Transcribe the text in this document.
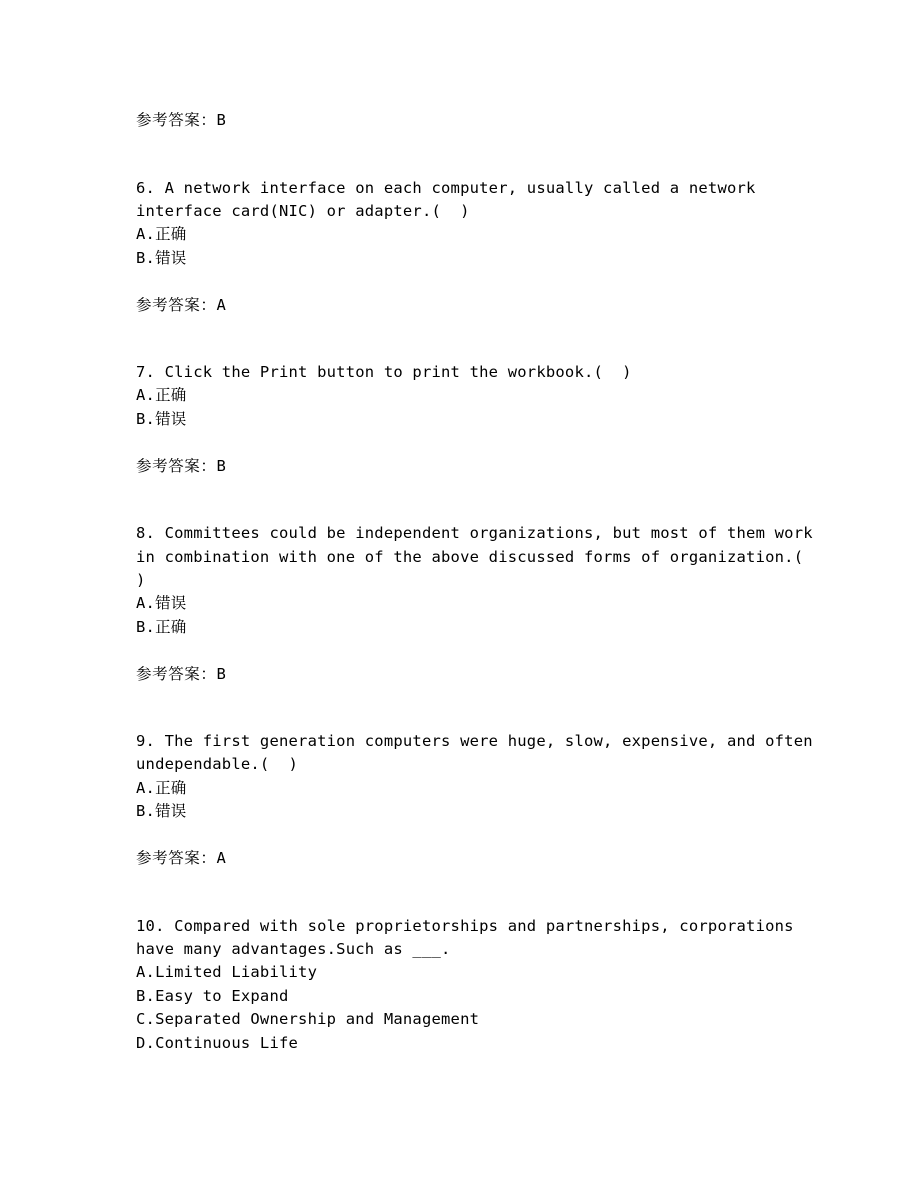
参考答案：B
6. A network interface on each computer, usually called a network
interface card(NIC) or adapter.(  )
A.正确
B.错误
参考答案：A
7. Click the Print button to print the workbook.(  )
A.正确
B.错误
参考答案：B
8. Committees could be independent organizations, but most of them work
in combination with one of the above discussed forms of organization.(
)
A.错误
B.正确
参考答案：B
9. The first generation computers were huge, slow, expensive, and often
undependable.(  )
A.正确
B.错误
参考答案：A
10. Compared with sole proprietorships and partnerships, corporations
have many advantages.Such as ___.
A.Limited Liability
B.Easy to Expand
C.Separated Ownership and Management
D.Continuous Life
